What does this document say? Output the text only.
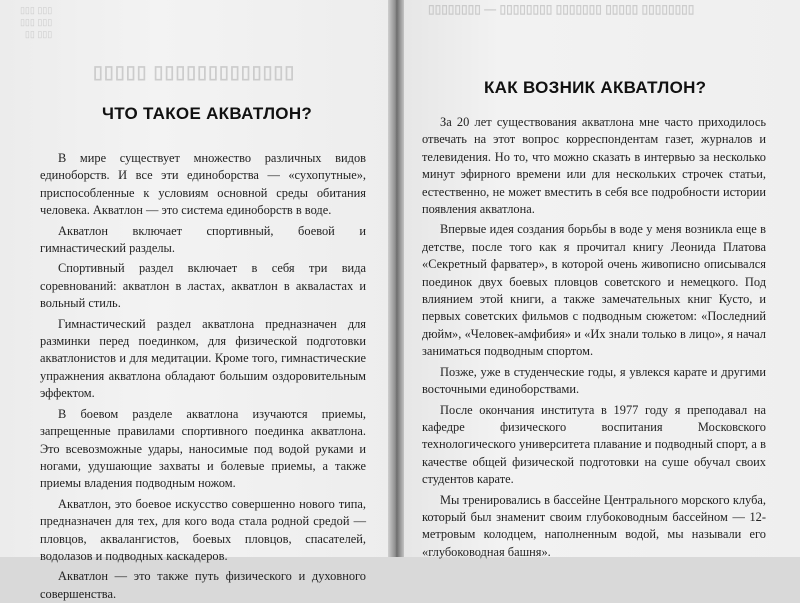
▯▯▯ ▯▯▯
▯▯▯ ▯▯▯
▯▯▯ ▯▯
▯▯▯▯▯▯▯▯▯▯▯▯▯ ▯▯▯▯▯
ЧТО ТАКОЕ АКВАТЛОН?

В мире существует множество различных видов единоборств. И все эти единоборства — «сухопутные», приспособленные к условиям основной среды обитания человека. Акватлон — это система единоборств в воде.

Акватлон включает спортивный, боевой и гимнастический разделы.

Спортивный раздел включает в себя три вида соревнований: акватлон в ластах, акватлон в акваластах и вольный стиль.

Гимнастический раздел акватлона предназначен для разминки перед поединком, для физической подготовки акватлонистов и для медитации. Кроме того, гимнастические упражнения акватлона обладают большим оздоровительным эффектом.

В боевом разделе акватлона изучаются приемы, запрещенные правилами спортивного поединка акватлона. Это всевозможные удары, наносимые под водой руками и ногами, удушающие захваты и болевые приемы, а также приемы владения подводным ножом.

Акватлон, это боевое искусство совершенно нового типа, предназначен для тех, для кого вода стала родной средой — пловцов, аквалангистов, боевых пловцов, спасателей, водолазов и подводных каскадеров.

Акватлон — это также путь физического и духовного совершенства.

▯▯▯▯▯▯▯▯ ▯▯▯▯▯ ▯▯▯▯▯▯▯ ▯▯▯▯▯▯▯▯ — ▯▯▯▯▯▯▯▯
КАК ВОЗНИК АКВАТЛОН?

За 20 лет существования акватлона мне часто приходилось отвечать на этот вопрос корреспондентам газет, журналов и телевидения. Но то, что можно сказать в интервью за несколько минут эфирного времени или для нескольких строчек статьи, естественно, не может вместить в себя все подробности истории появления акватлона.

Впервые идея создания борьбы в воде у меня возникла еще в детстве, после того как я прочитал книгу Леонида Платова «Секретный фарватер», в которой очень живописно описывался поединок двух боевых пловцов советского и немецкого. Под влиянием этой книги, а также замечательных книг Кусто, и первых советских фильмов с подводным сюжетом: «Последний дюйм», «Человек-амфибия» и «Их знали только в лицо», я начал заниматься подводным спортом.

Позже, уже в студенческие годы, я увлекся карате и другими восточными единоборствами.

После окончания института в 1977 году я преподавал на кафедре физического воспитания Московского технологического университета плавание и подводный спорт, а в качестве общей физической подготовки на суше обучал своих студентов карате.

Мы тренировались в бассейне Центрального морского клуба, который был знаменит своим глубоководным бассейном — 12-метровым колодцем, наполненным водой, мы называли его «глубоководная башня».
